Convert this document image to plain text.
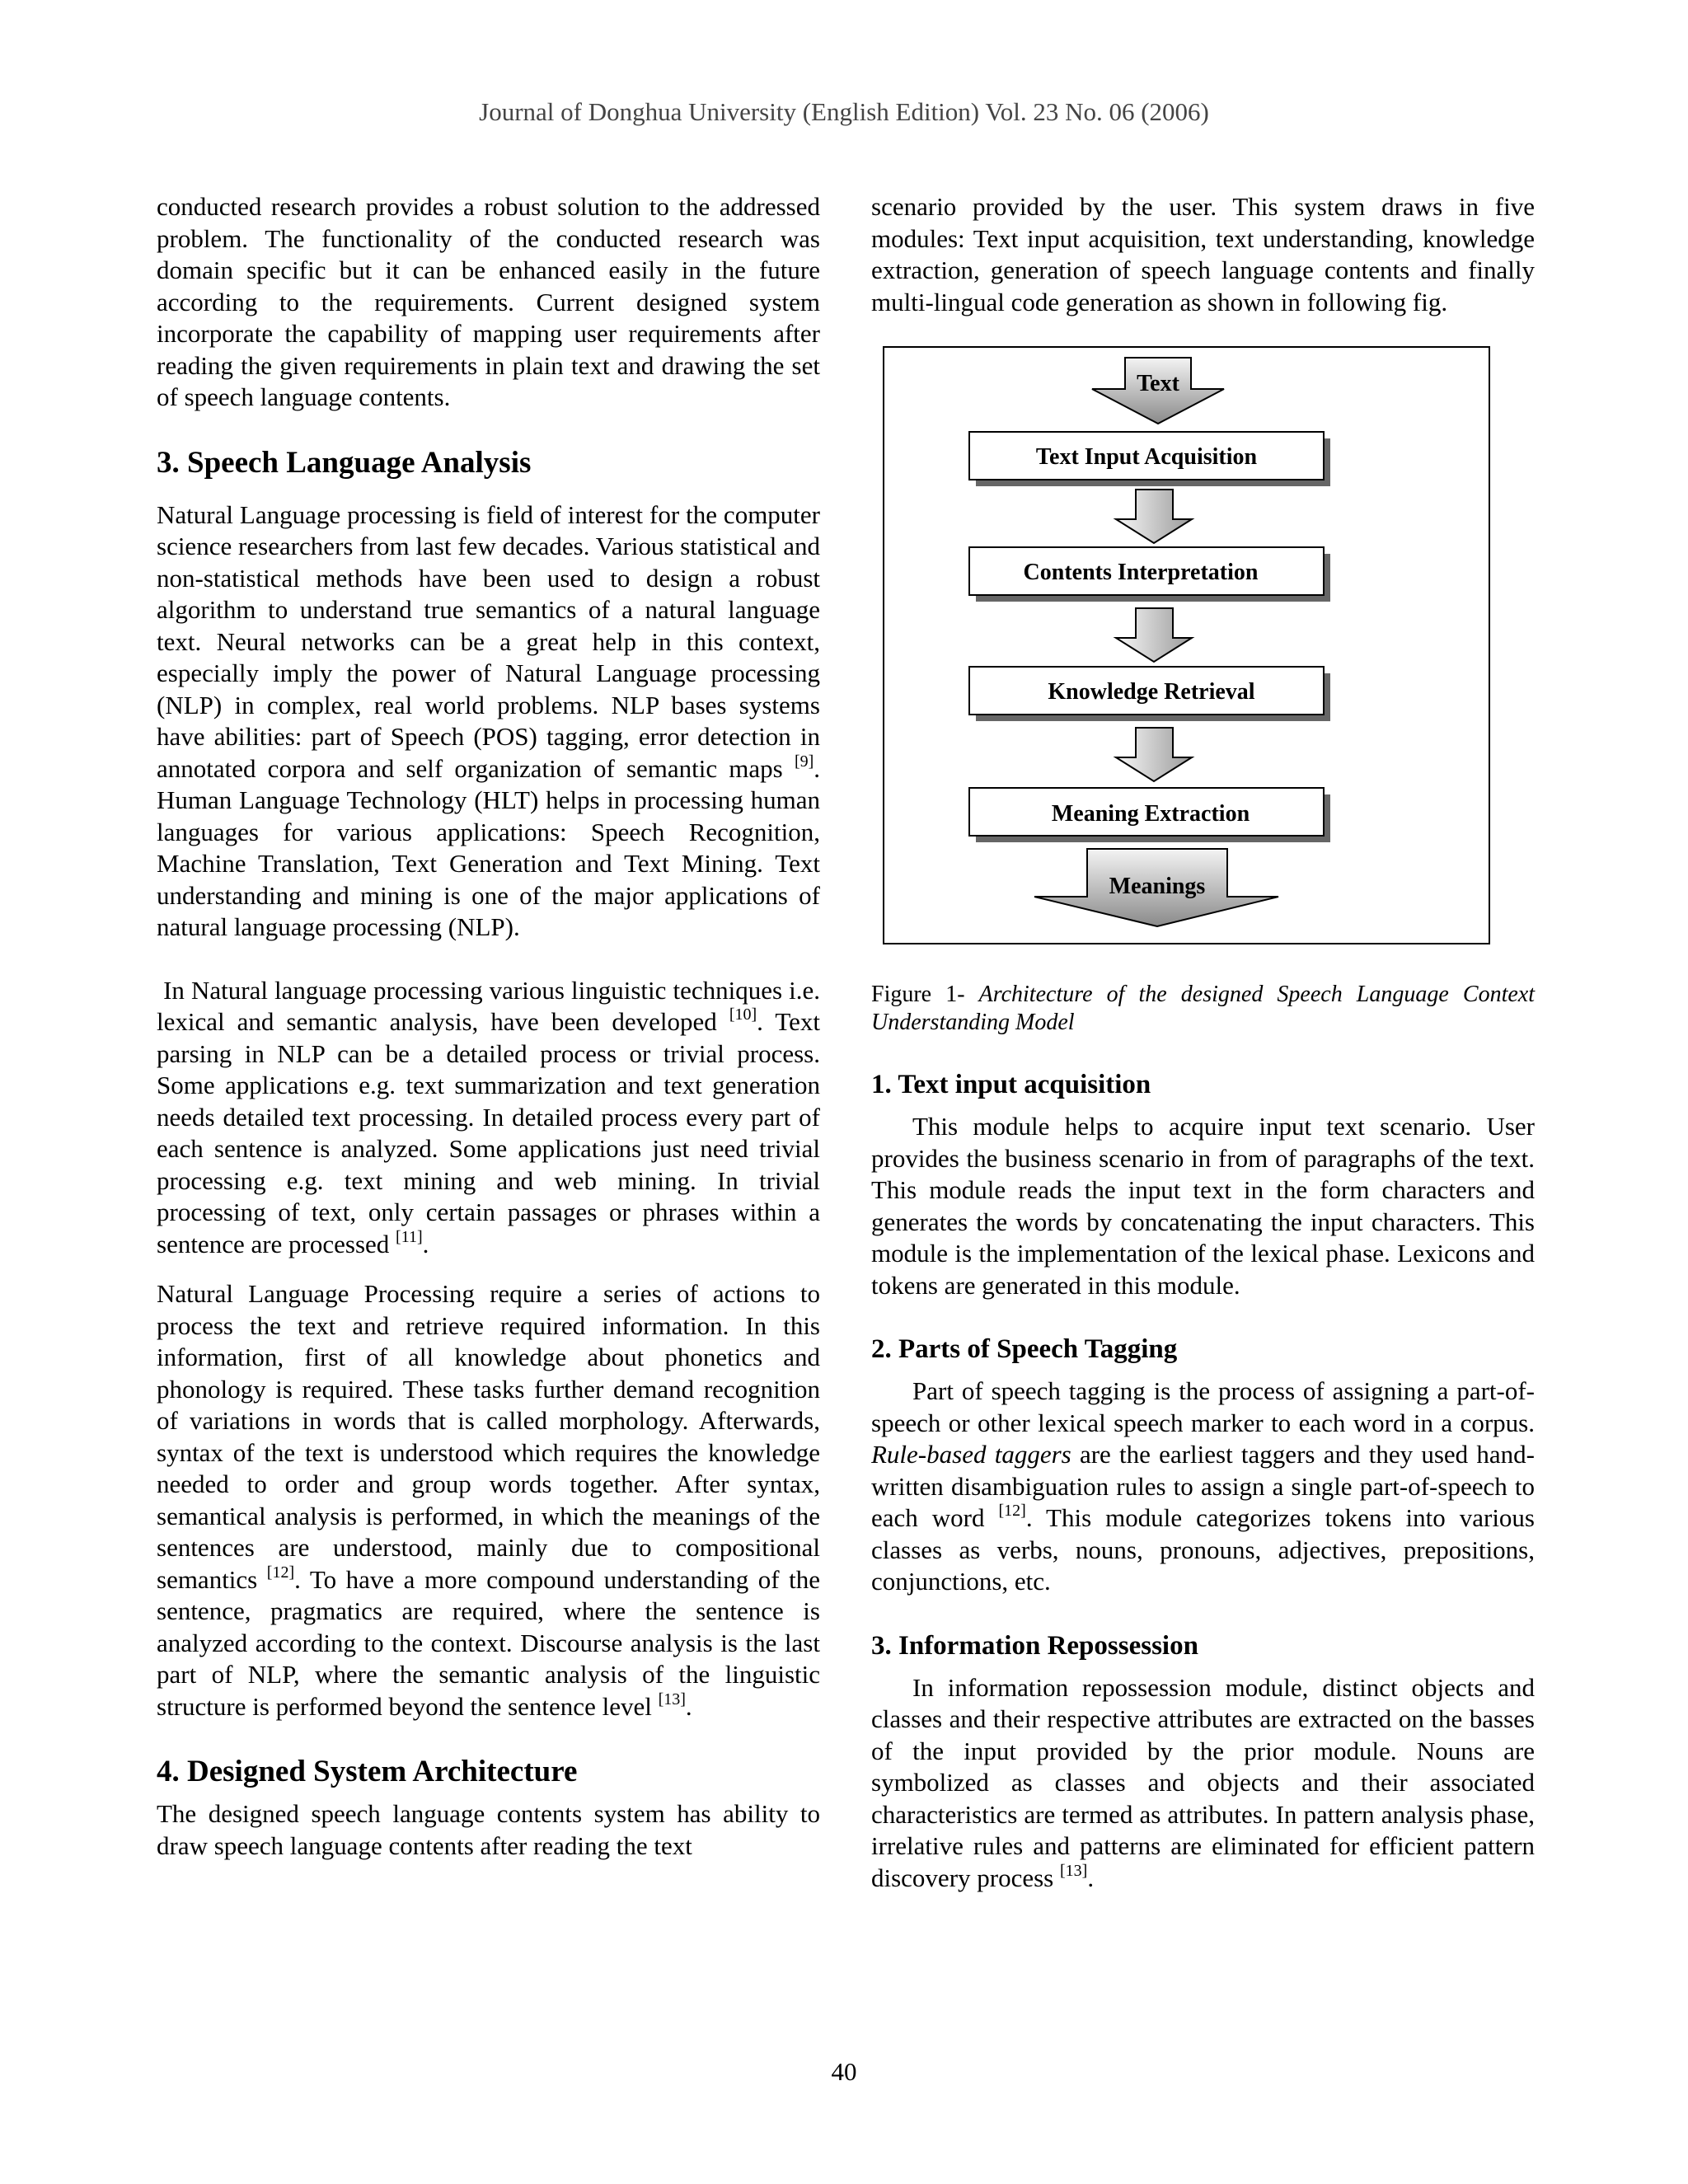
Journal of Donghua University (English Edition) Vol. 23 No. 06 (2006)

conducted research provides a robust solution to the addressed problem. The functionality of the conducted research was domain specific but it can be enhanced easily in the future according to the requirements. Current designed system incorporate the capability of mapping user requirements after reading the given requirements in plain text and drawing the set of speech language contents.

3. Speech Language Analysis

Natural Language processing is field of interest for the computer science researchers from last few decades. Various statistical and non-statistical methods have been used to design a robust algorithm to understand true semantics of a natural language text. Neural networks can be a great help in this context, especially imply the power of Natural Language processing (NLP) in complex, real world problems. NLP bases systems have abilities: part of Speech (POS) tagging, error detection in annotated corpora and self organization of semantic maps [9]. Human Language Technology (HLT) helps in processing human languages for various applications: Speech Recognition, Machine Translation, Text Generation and Text Mining. Text understanding and mining is one of the major applications of natural language processing (NLP).

In Natural language processing various linguistic techniques i.e. lexical and semantic analysis, have been developed [10]. Text parsing in NLP can be a detailed process or trivial process. Some applications e.g. text summarization and text generation needs detailed text processing. In detailed process every part of each sentence is analyzed. Some applications just need trivial processing e.g. text mining and web mining. In trivial processing of text, only certain passages or phrases within a sentence are processed [11].

Natural Language Processing require a series of actions to process the text and retrieve required information. In this information, first of all knowledge about phonetics and phonology is required. These tasks further demand recognition of variations in words that is called morphology. Afterwards, syntax of the text is understood which requires the knowledge needed to order and group words together. After syntax, semantical analysis is performed, in which the meanings of the sentences are understood, mainly due to compositional semantics [12]. To have a more compound understanding of the sentence, pragmatics are required, where the sentence is analyzed according to the context. Discourse analysis is the last part of NLP, where the semantic analysis of the linguistic structure is performed beyond the sentence level [13].

4. Designed System Architecture

The designed speech language contents system has ability to draw speech language contents after reading the text

scenario provided by the user. This system draws in five modules: Text input acquisition, text understanding, knowledge extraction, generation of speech language contents and finally multi-lingual code generation as shown in following fig.

Text
Text Input Acquisition
Contents Interpretation
Knowledge Retrieval
Meaning Extraction
Meanings

Figure 1- Architecture of the designed Speech Language Context Understanding Model

1. Text input acquisition

This module helps to acquire input text scenario. User provides the business scenario in from of paragraphs of the text. This module reads the input text in the form characters and generates the words by concatenating the input characters. This module is the implementation of the lexical phase. Lexicons and tokens are generated in this module.

2. Parts of Speech Tagging

Part of speech tagging is the process of assigning a part-of-speech or other lexical speech marker to each word in a corpus. Rule-based taggers are the earliest taggers and they used hand-written disambiguation rules to assign a single part-of-speech to each word [12]. This module categorizes tokens into various classes as verbs, nouns, pronouns, adjectives, prepositions, conjunctions, etc.

3. Information Repossession

In information repossession module, distinct objects and classes and their respective attributes are extracted on the basses of the input provided by the prior module. Nouns are symbolized as classes and objects and their associated characteristics are termed as attributes. In pattern analysis phase, irrelative rules and patterns are eliminated for efficient pattern discovery process [13].

40
